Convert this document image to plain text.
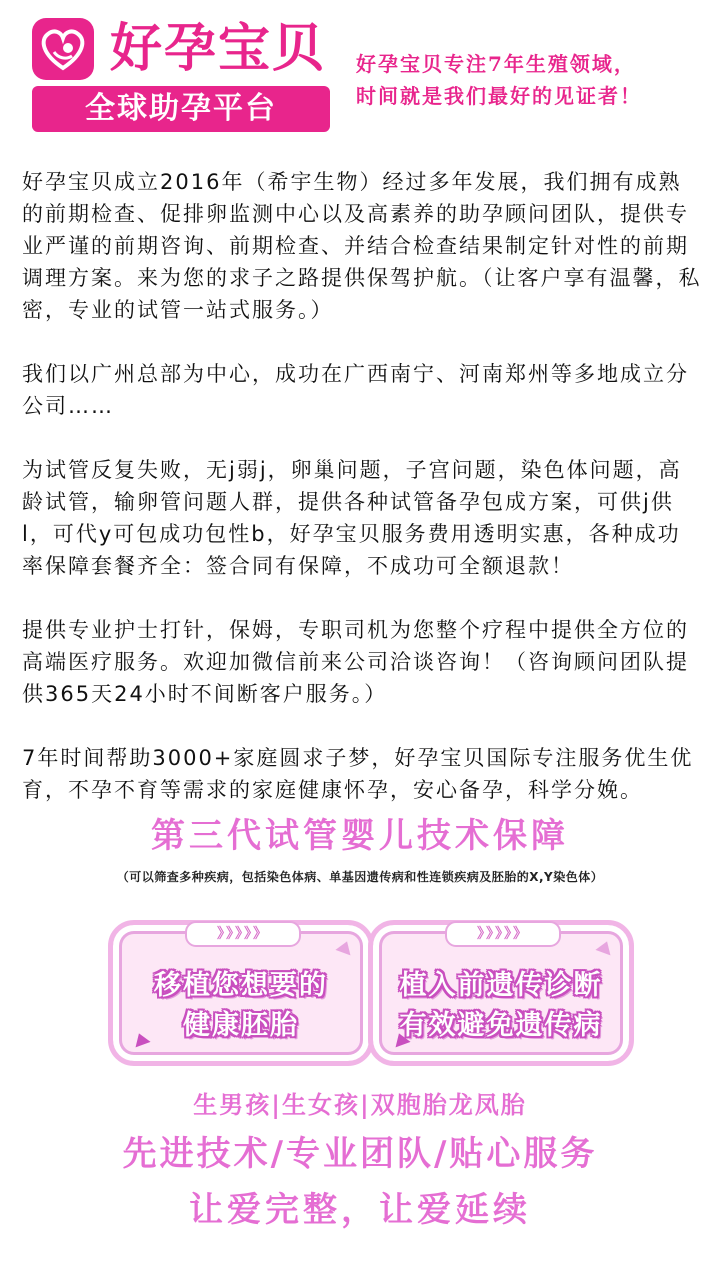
好孕宝贝
全球助孕平台
好孕宝贝专注7年生殖领域，
时间就是我们最好的见证者！

好孕宝贝成立2016年（希宇生物）经过多年发展，我们拥有成熟的前期检查、促排卵监测中心以及高素养的助孕顾问团队，提供专业严谨的前期咨询、前期检查、并结合检查结果制定针对性的前期调理方案。来为您的求子之路提供保驾护航。（让客户享有温馨，私密，专业的试管一站式服务。）

我们以广州总部为中心，成功在广西南宁、河南郑州等多地成立分公司……

为试管反复失败，无j弱j，卵巢问题，子宫问题，染色体问题，高龄试管，输卵管问题人群，提供各种试管备孕包成方案，可供j供l，可代y可包成功包性b，好孕宝贝服务费用透明实惠，各种成功率保障套餐齐全：签合同有保障，不成功可全额退款！

提供专业护士打针，保姆，专职司机为您整个疗程中提供全方位的高端医疗服务。欢迎加微信前来公司洽谈咨询！（咨询顾问团队提供365天24小时不间断客户服务。）

7年时间帮助3000+家庭圆求子梦，好孕宝贝国际专注服务优生优育，不孕不育等需求的家庭健康怀孕，安心备孕，科学分娩。

第三代试管婴儿技术保障
（可以筛查多种疾病，包括染色体病、单基因遗传病和性连锁疾病及胚胎的X,Y染色体）
》》》》》
移植您想要的
健康胚胎
》》》》》
植入前遗传诊断
有效避免遗传病
生男孩|生女孩|双胞胎龙凤胎
先进技术/专业团队/贴心服务
让爱完整，让爱延续
